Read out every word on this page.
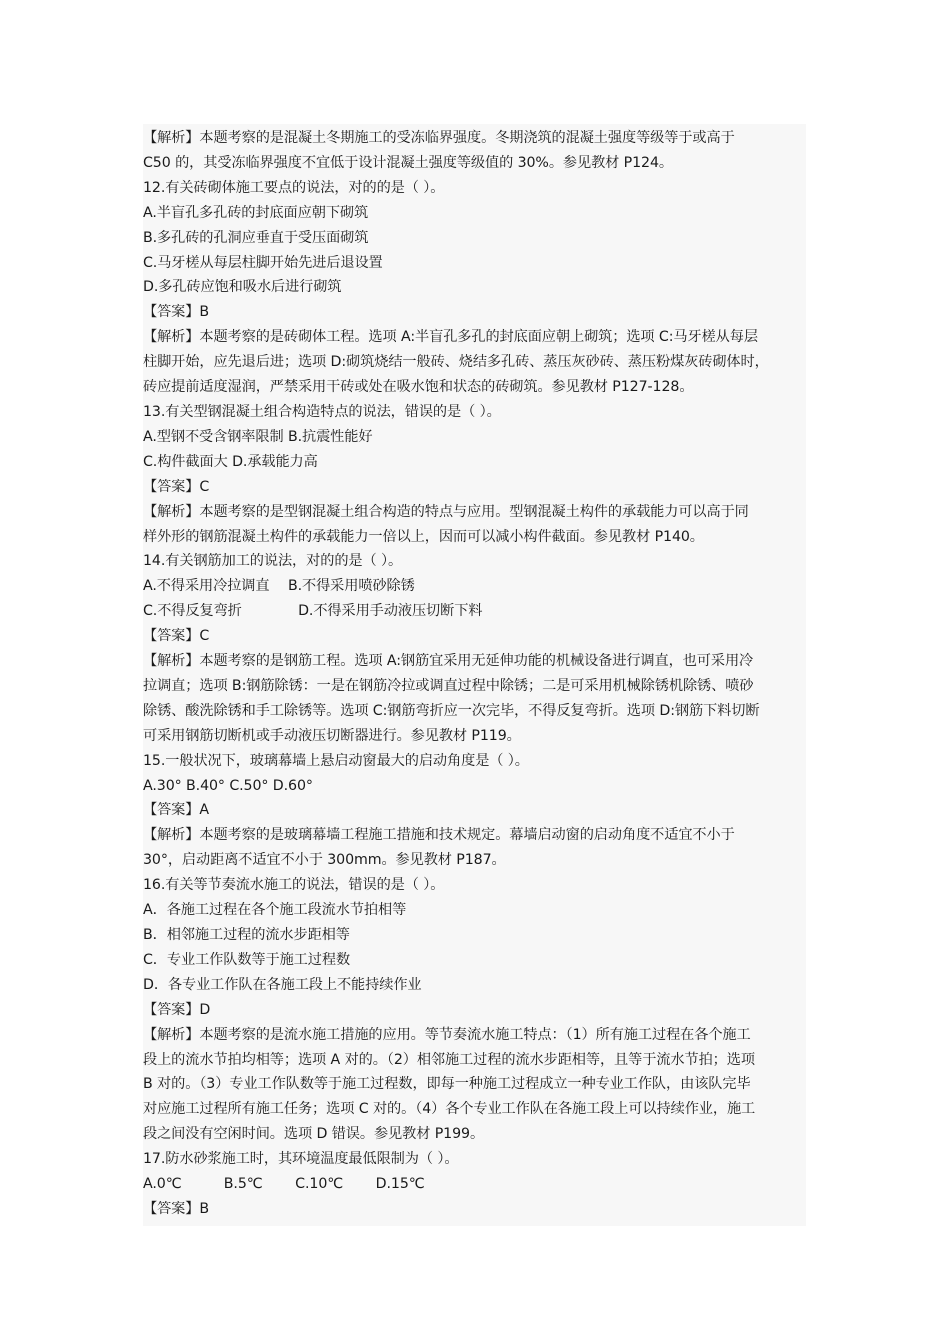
【解析】本题考察的是混凝土冬期施工的受冻临界强度。冬期浇筑的混凝土强度等级等于或高于
C50 的，其受冻临界强度不宜低于设计混凝土强度等级值的 30%。参见教材 P124。
12.有关砖砌体施工要点的说法，对的的是（ ）。
A.半盲孔多孔砖的封底面应朝下砌筑
B.多孔砖的孔洞应垂直于受压面砌筑
C.马牙槎从每层柱脚开始先进后退设置
D.多孔砖应饱和吸水后进行砌筑
【答案】B
【解析】本题考察的是砖砌体工程。选项 A:半盲孔多孔的封底面应朝上砌筑；选项 C:马牙槎从每层
柱脚开始，应先退后进；选项 D:砌筑烧结一般砖、烧结多孔砖、蒸压灰砂砖、蒸压粉煤灰砖砌体时，
砖应提前适度湿润，严禁采用干砖或处在吸水饱和状态的砖砌筑。参见教材 P127-128。
13.有关型钢混凝土组合构造特点的说法，错误的是（ ）。
A.型钢不受含钢率限制 B.抗震性能好
C.构件截面大 D.承载能力高
【答案】C
【解析】本题考察的是型钢混凝土组合构造的特点与应用。型钢混凝土构件的承载能力可以高于同
样外形的钢筋混凝土构件的承载能力一倍以上，因而可以减小构件截面。参见教材 P140。
14.有关钢筋加工的说法，对的的是（ ）。
A.不得采用冷拉调直　 B.不得采用喷砂除锈
C.不得反复弯折　　　　D.不得采用手动液压切断下料
【答案】C
【解析】本题考察的是钢筋工程。选项 A:钢筋宜采用无延伸功能的机械设备进行调直，也可采用冷
拉调直；选项 B:钢筋除锈：一是在钢筋冷拉或调直过程中除锈；二是可采用机械除锈机除锈、喷砂
除锈、酸洗除锈和手工除锈等。选项 C:钢筋弯折应一次完毕，不得反复弯折。选项 D:钢筋下料切断
可采用钢筋切断机或手动液压切断器进行。参见教材 P119。
15.一般状况下，玻璃幕墙上悬启动窗最大的启动角度是（ ）。
A.30° B.40° C.50° D.60°
【答案】A
【解析】本题考察的是玻璃幕墙工程施工措施和技术规定。幕墙启动窗的启动角度不适宜不小于
30°，启动距离不适宜不小于 300mm。参见教材 P187。
16.有关等节奏流水施工的说法，错误的是（ ）。
A．各施工过程在各个施工段流水节拍相等
B．相邻施工过程的流水步距相等
C．专业工作队数等于施工过程数
D．各专业工作队在各施工段上不能持续作业
【答案】D
【解析】本题考察的是流水施工措施的应用。等节奏流水施工特点：（1）所有施工过程在各个施工
段上的流水节拍均相等；选项 A 对的。（2）相邻施工过程的流水步距相等，且等于流水节拍；选项
B 对的。（3）专业工作队数等于施工过程数，即每一种施工过程成立一种专业工作队，由该队完毕
对应施工过程所有施工任务；选项 C 对的。（4）各个专业工作队在各施工段上可以持续作业，施工
段之间没有空闲时间。选项 D 错误。参见教材 P199。
17.防水砂浆施工时，其环境温度最低限制为（ ）。
A.0℃　　　B.5℃　　 C.10℃　　 D.15℃
【答案】B
